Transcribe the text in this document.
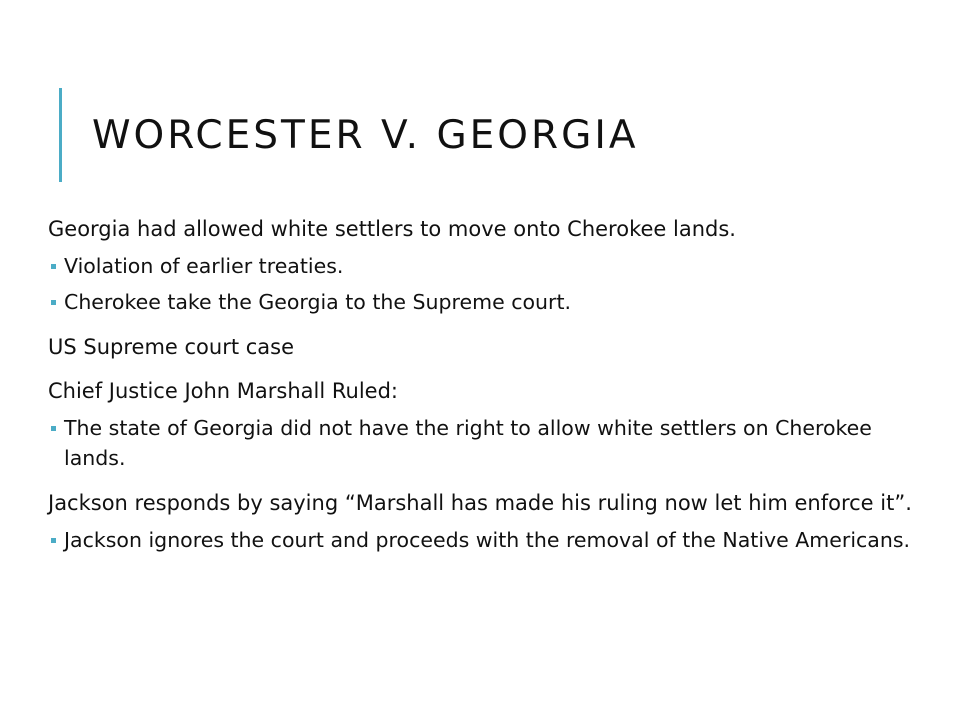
WORCESTER V. GEORGIA

Georgia had allowed white settlers to move onto Cherokee lands.

Violation of earlier treaties.
Cherokee take the Georgia to the Supreme court.

US Supreme court case

Chief Justice John Marshall Ruled:

The state of Georgia did not have the right to allow white settlers on Cherokee lands.

Jackson responds by saying “Marshall has made his ruling now let him enforce it”.

Jackson ignores the court and proceeds with the removal of the Native Americans.
